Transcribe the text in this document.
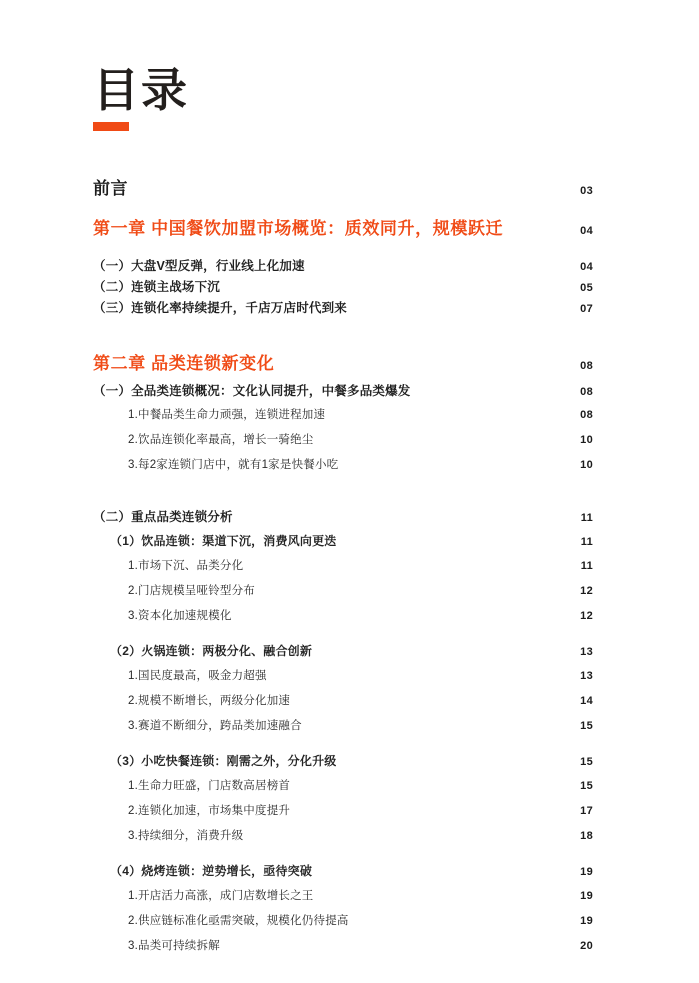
目录
前言	03
第一章 中国餐饮加盟市场概览：质效同升，规模跃迁	04
（一）大盘V型反弹，行业线上化加速	04
（二）连锁主战场下沉	05
（三）连锁化率持续提升，千店万店时代到来	07
第二章 品类连锁新变化	08
（一）全品类连锁概况：文化认同提升，中餐多品类爆发	08
1.中餐品类生命力顽强，连锁进程加速	08
2.饮品连锁化率最高，增长一骑绝尘	10
3.每2家连锁门店中，就有1家是快餐小吃	10
（二）重点品类连锁分析	11
（1）饮品连锁：渠道下沉，消费风向更迭	11
1.市场下沉、品类分化	11
2.门店规模呈哑铃型分布	12
3.资本化加速规模化	12
（2）火锅连锁：两极分化、融合创新	13
1.国民度最高，吸金力超强	13
2.规模不断增长，两级分化加速	14
3.赛道不断细分，跨品类加速融合	15
（3）小吃快餐连锁：刚需之外，分化升级	15
1.生命力旺盛，门店数高居榜首	15
2.连锁化加速，市场集中度提升	17
3.持续细分，消费升级	18
（4）烧烤连锁：逆势增长，亟待突破	19
1.开店活力高涨，成门店数增长之王	19
2.供应链标准化亟需突破，规模化仍待提高	19
3.品类可持续拆解	20
